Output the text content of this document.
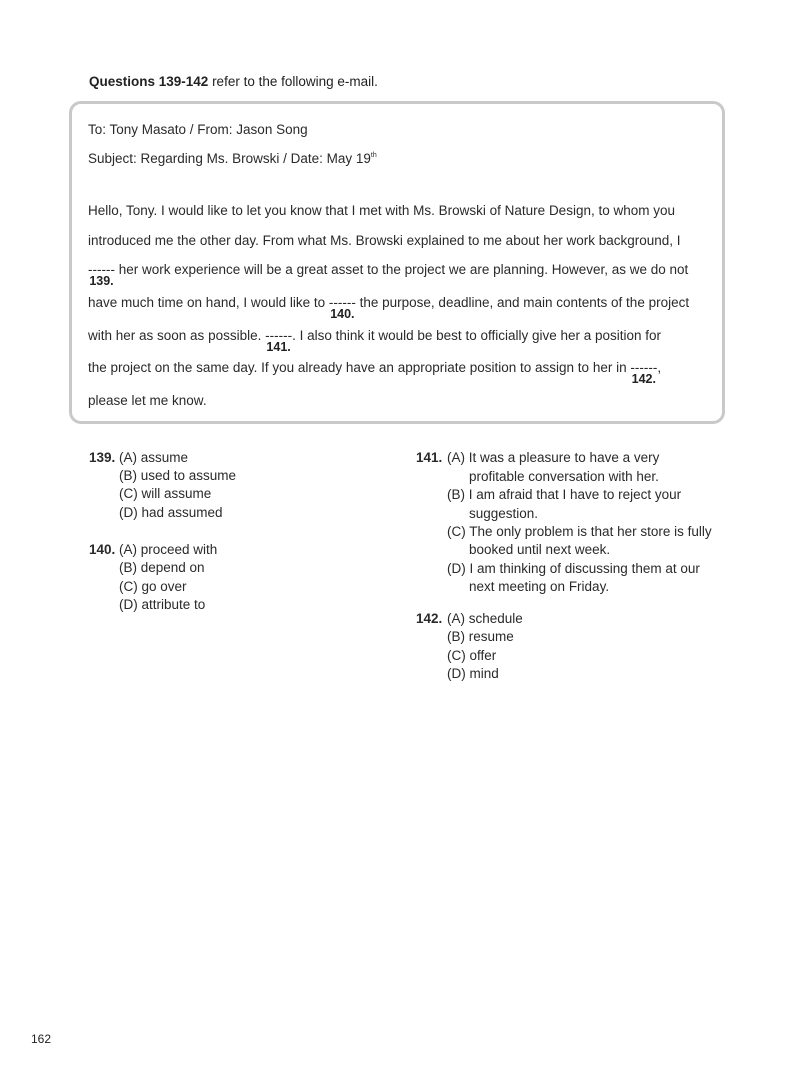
Questions 139-142 refer to the following e-mail.
To: Tony Masato / From: Jason Song
Subject: Regarding Ms. Browski / Date: May 19th
Hello, Tony. I would like to let you know that I met with Ms. Browski of Nature Design, to whom you
introduced me the other day. From what Ms. Browski explained to me about her work background, I
------
139.
her work experience will be a great asset to the project we are planning. However, as we do not
have much time on hand, I would like to ------
140.
the purpose, deadline, and main contents of the project
with her as soon as possible. ------
141.
. I also think it would be best to officially give her a position for
the project on the same day. If you already have an appropriate position to assign to her in ------
142.
,
please let me know.
139. (A) assume
(B) used to assume
(C) will assume
(D) had assumed
140. (A) proceed with
(B) depend on
(C) go over
(D) attribute to
141. (A) It was a pleasure to have a very
profitable conversation with her.
(B) I am afraid that I have to reject your
suggestion.
(C) The only problem is that her store is fully
booked until next week.
(D) I am thinking of discussing them at our
next meeting on Friday.
142. (A) schedule
(B) resume
(C) offer
(D) mind
162
